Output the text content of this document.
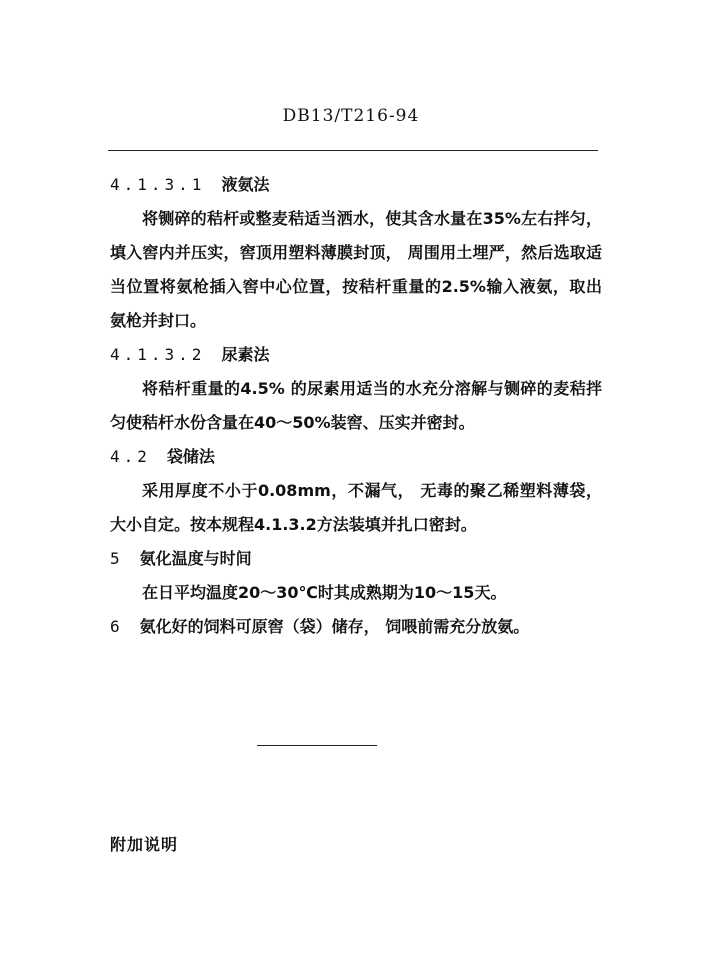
DB13/T216-94

4.1.3.1 液氨法

将铡碎的秸杆或整麦秸适当洒水，使其含水量在35%左右拌匀，填入窖内并压实，窖顶用塑料薄膜封顶， 周围用土埋严，然后选取适当位置将氨枪插入窖中心位置，按秸杆重量的2.5%输入液氨，取出氨枪并封口。

4.1.3.2 尿素法

将秸杆重量的4.5% 的尿素用适当的水充分溶解与铡碎的麦秸拌匀使秸杆水份含量在40～50%装窖、压实并密封。

4.2 袋储法

采用厚度不小于0.08mm，不漏气， 无毒的聚乙稀塑料薄袋，大小自定。按本规程4.1.3.2方法装填并扎口密封。

5 氨化温度与时间

在日平均温度20～30℃时其成熟期为10～15天。

6 氨化好的饲料可原窖（袋）储存， 饲喂前需充分放氨。

附加说明
